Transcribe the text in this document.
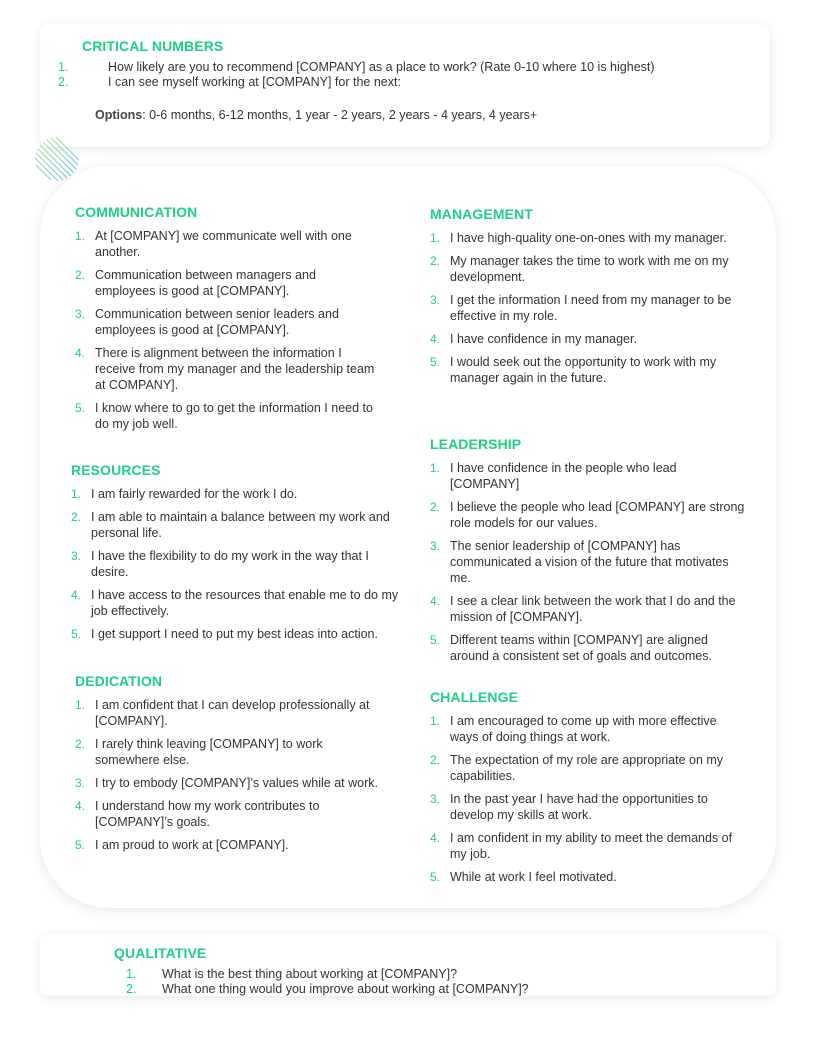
CRITICAL NUMBERS
1.	How likely are you to recommend [COMPANY] as a place to work? (Rate 0-10 where 10 is highest)
2.	I can see myself working at [COMPANY] for the next:
Options: 0-6 months, 6-12 months, 1 year - 2 years, 2 years - 4 years, 4 years+
COMMUNICATION
1. At [COMPANY] we communicate well with one another.
2. Communication between managers and employees is good at [COMPANY].
3. Communication between senior leaders and employees is good at [COMPANY].
4. There is alignment between the information I receive from my manager and the leadership team at COMPANY].
5. I know where to go to get the information I need to do my job well.
RESOURCES
1. I am fairly rewarded for the work I do.
2. I am able to maintain a balance between my work and personal life.
3. I have the flexibility to do my work in the way that I desire.
4. I have access to the resources that enable me to do my job effectively.
5. I get support I need to put my best ideas into action.
DEDICATION
1. I am confident that I can develop professionally at [COMPANY].
2. I rarely think leaving [COMPANY] to work somewhere else.
3. I try to embody [COMPANY]’s values while at work.
4. I understand how my work contributes to [COMPANY]’s goals.
5. I am proud to work at [COMPANY].
MANAGEMENT
1. I have high-quality one-on-ones with my manager.
2. My manager takes the time to work with me on my development.
3. I get the information I need from my manager to be effective in my role.
4. I have confidence in my manager.
5. I would seek out the opportunity to work with my manager again in the future.
LEADERSHIP
1. I have confidence in the people who lead [COMPANY]
2. I believe the people who lead [COMPANY] are strong role models for our values.
3. The senior leadership of [COMPANY] has communicated a vision of the future that motivates me.
4. I see a clear link between the work that I do and the mission of [COMPANY].
5. Different teams within [COMPANY] are aligned around a consistent set of goals and outcomes.
CHALLENGE
1. I am encouraged to come up with more effective ways of doing things at work.
2. The expectation of my role are appropriate on my capabilities.
3. In the past year I have had the opportunities to develop my skills at work.
4. I am confident in my ability to meet the demands of my job.
5. While at work I feel motivated.
QUALITATIVE
1.	What is the best thing about working at [COMPANY]?
2.	What one thing would you improve about working at [COMPANY]?
